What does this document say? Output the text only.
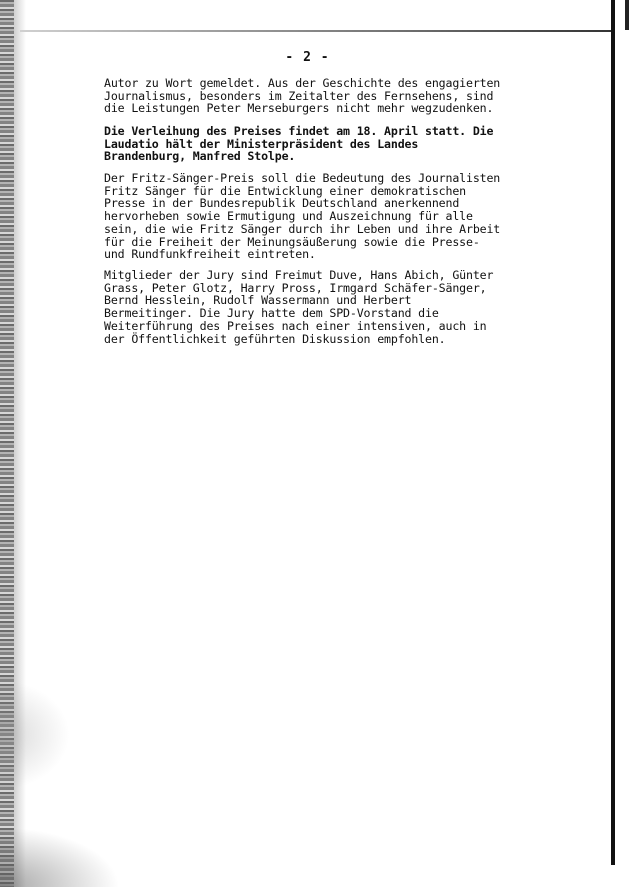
- 2 -
Autor zu Wort gemeldet. Aus der Geschichte des engagierten
Journalismus, besonders im Zeitalter des Fernsehens, sind
die Leistungen Peter Merseburgers nicht mehr wegzudenken.
Die Verleihung des Preises findet am 18. April statt. Die
Laudatio hält der Ministerpräsident des Landes
Brandenburg, Manfred Stolpe.
Der Fritz-Sänger-Preis soll die Bedeutung des Journalisten
Fritz Sänger für die Entwicklung einer demokratischen
Presse in der Bundesrepublik Deutschland anerkennend
hervorheben sowie Ermutigung und Auszeichnung für alle
sein, die wie Fritz Sänger durch ihr Leben und ihre Arbeit
für die Freiheit der Meinungsäußerung sowie die Presse-
und Rundfunkfreiheit eintreten.
Mitglieder der Jury sind Freimut Duve, Hans Abich, Günter
Grass, Peter Glotz, Harry Pross, Irmgard Schäfer-Sänger,
Bernd Hesslein, Rudolf Wassermann und Herbert
Bermeitinger. Die Jury hatte dem SPD-Vorstand die
Weiterführung des Preises nach einer intensiven, auch in
der Öffentlichkeit geführten Diskussion empfohlen.
